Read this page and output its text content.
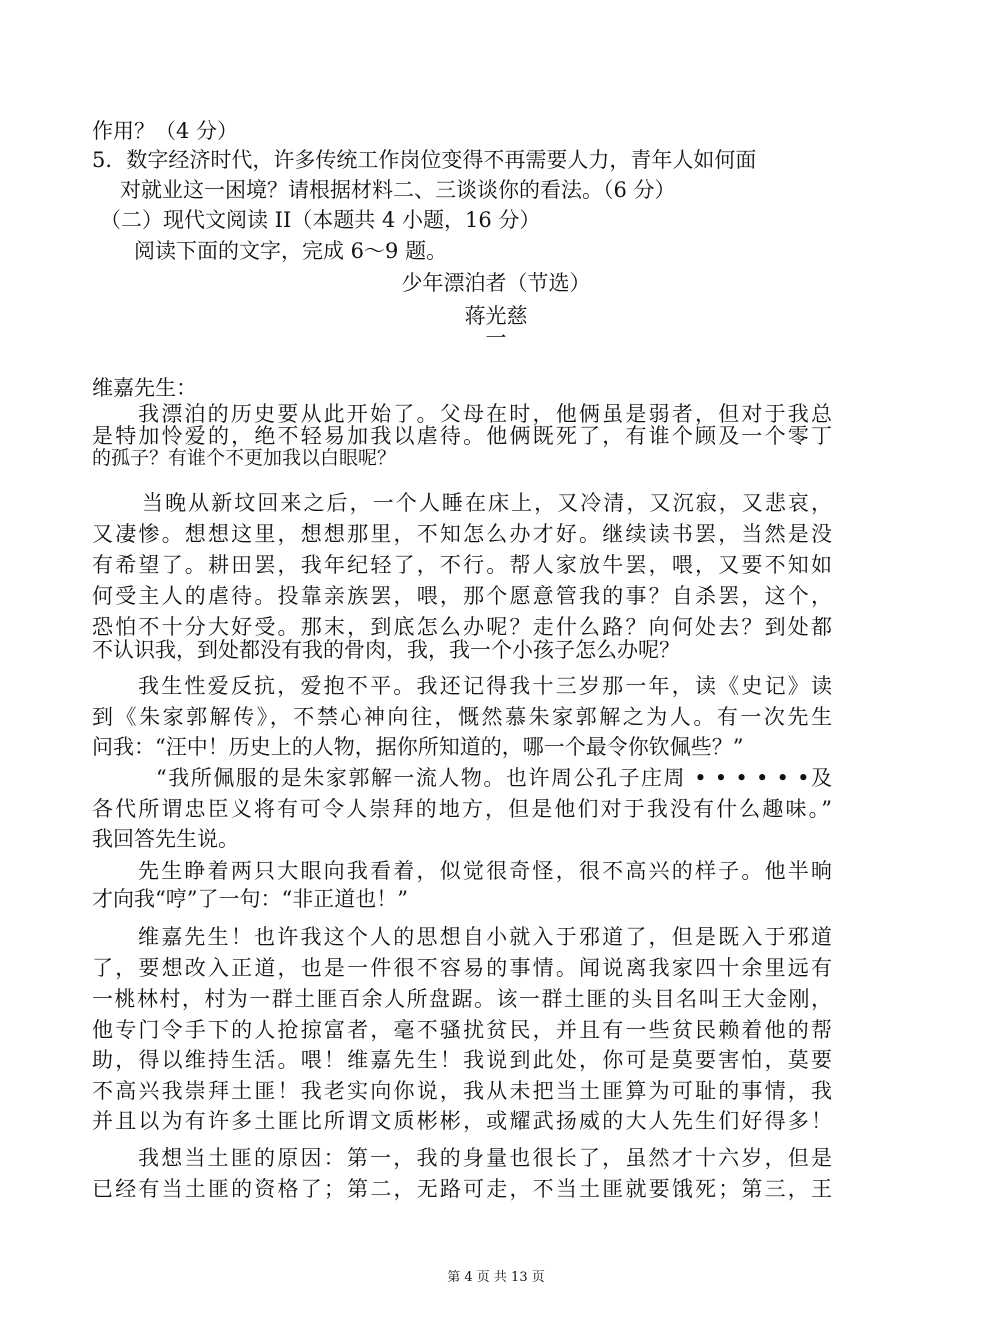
作用？（4 分）
5．数字经济时代，许多传统工作岗位变得不再需要人力，青年人如何面
对就业这一困境？请根据材料二、三谈谈你的看法。（6 分）
（二）现代文阅读 II（本题共 4 小题，16 分）
阅读下面的文字，完成 6～9 题。
少年漂泊者（节选）
蒋光慈
一
维嘉先生：
我漂泊的历史要从此开始了。父母在时，他俩虽是弱者，但对于我总
是特加怜爱的，绝不轻易加我以虐待。他俩既死了，有谁个顾及一个零丁
的孤子？有谁个不更加我以白眼呢？
当晚从新坟回来之后，一个人睡在床上，又冷清，又沉寂，又悲哀，
又凄惨。想想这里，想想那里，不知怎么办才好。继续读书罢，当然是没
有希望了。耕田罢，我年纪轻了，不行。帮人家放牛罢，喂，又要不知如
何受主人的虐待。投靠亲族罢，喂，那个愿意管我的事？自杀罢，这个，
恐怕不十分大好受。那末，到底怎么办呢？走什么路？向何处去？到处都
不认识我，到处都没有我的骨肉，我，我一个小孩子怎么办呢？
我生性爱反抗，爱抱不平。我还记得我十三岁那一年，读《史记》读
到《朱家郭解传》，不禁心神向往，慨然慕朱家郭解之为人。有一次先生
问我：“汪中！历史上的人物，据你所知道的，哪一个最令你钦佩些？”
“我所佩服的是朱家郭解一流人物。也许周公孔子庄周 • • • • • •及
各代所谓忠臣义将有可令人崇拜的地方，但是他们对于我没有什么趣味。”
我回答先生说。
先生睁着两只大眼向我看着，似觉很奇怪，很不高兴的样子。他半晌
才向我“哼”了一句：“非正道也！”
维嘉先生！也许我这个人的思想自小就入于邪道了，但是既入于邪道
了，要想改入正道，也是一件很不容易的事情。闻说离我家四十余里远有
一桃林村，村为一群土匪百余人所盘踞。该一群土匪的头目名叫王大金刚，
他专门令手下的人抢掠富者，毫不骚扰贫民，并且有一些贫民赖着他的帮
助，得以维持生活。喂！维嘉先生！我说到此处，你可是莫要害怕，莫要
不高兴我崇拜土匪！我老实向你说，我从未把当土匪算为可耻的事情，我
并且以为有许多土匪比所谓文质彬彬，或耀武扬威的大人先生们好得多！
我想当土匪的原因：第一，我的身量也很长了，虽然才十六岁，但是
已经有当土匪的资格了；第二，无路可走，不当土匪就要饿死；第三，王
第 4 页 共 13 页
